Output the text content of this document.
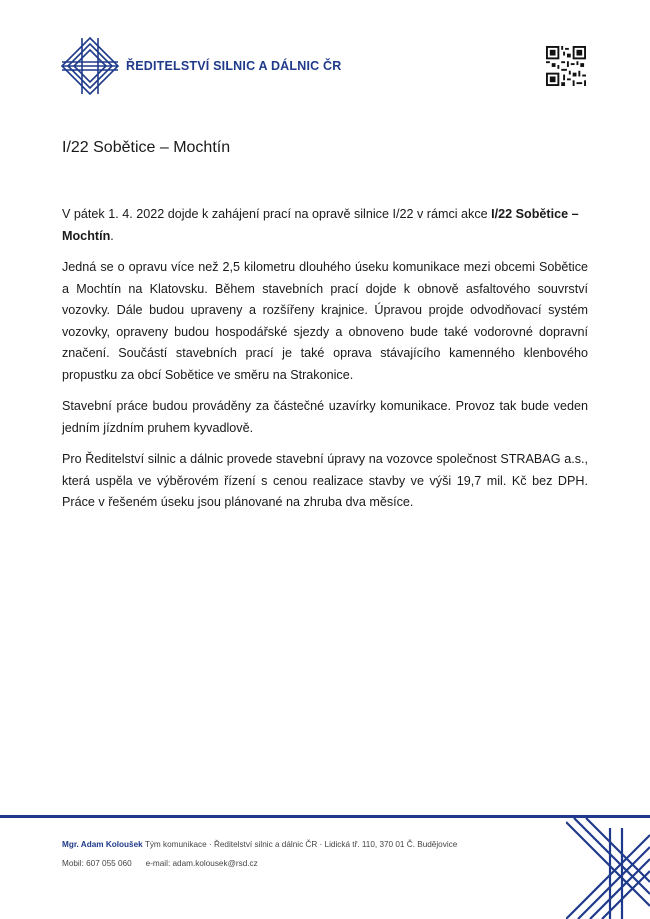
ŘEDITELSTVÍ SILNIC A DÁLNIC ČR
I/22 Sobětice – Mochtín

V pátek 1. 4. 2022 dojde k zahájení prací na opravě silnice I/22 v rámci akce I/22 Sobětice – Mochtín.

Jedná se o opravu více než 2,5 kilometru dlouhého úseku komunikace mezi obcemi Sobětice a Mochtín na Klatovsku. Během stavebních prací dojde k obnově asfaltového souvrství vozovky. Dále budou upraveny a rozšířeny krajnice. Úpravou projde odvodňovací systém vozovky, opraveny budou hospodářské sjezdy a obnoveno bude také vodorovné dopravní značení. Součástí stavebních prací je také oprava stávajícího kamenného klenbového propustku za obcí Sobětice ve směru na Strakonice.

Stavební práce budou prováděny za částečné uzavírky komunikace. Provoz tak bude veden jedním jízdním pruhem kyvadlově.

Pro Ředitelství silnic a dálnic provede stavební úpravy na vozovce společnost STRABAG a.s., která uspěla ve výběrovém řízení s cenou realizace stavby ve výši 19,7 mil. Kč bez DPH. Práce v řešeném úseku jsou plánované na zhruba dva měsíce.

Mgr. Adam Koloušek Tým komunikace · Ředitelství silnic a dálnic ČR · Lidická tř. 110, 370 01 Č. Budějovice
Mobil: 607 055 060 e-mail: adam.kolousek@rsd.cz
